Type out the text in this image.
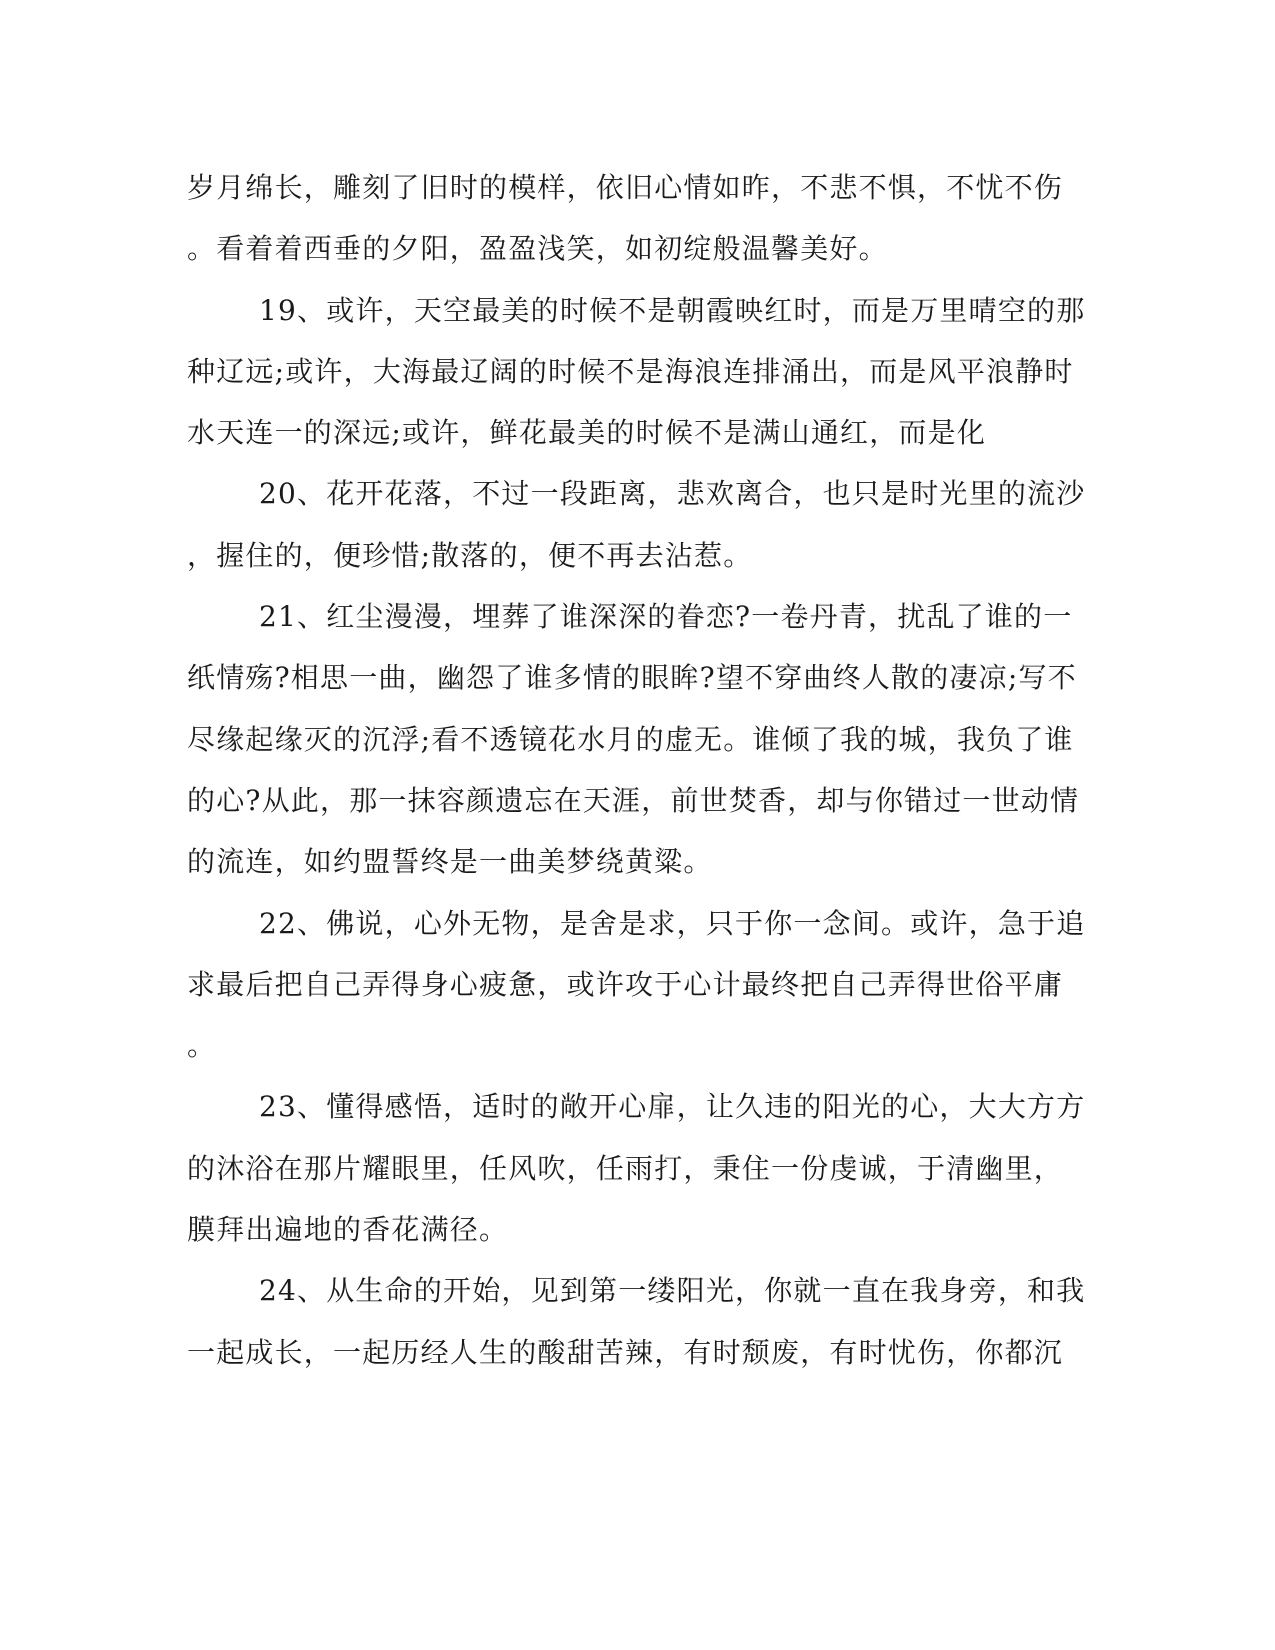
岁月绵长，雕刻了旧时的模样，依旧心情如昨，不悲不惧，不忧不伤
。看着着西垂的夕阳，盈盈浅笑，如初绽般温馨美好。
19、或许，天空最美的时候不是朝霞映红时，而是万里晴空的那
种辽远;或许，大海最辽阔的时候不是海浪连排涌出，而是风平浪静时
水天连一的深远;或许，鲜花最美的时候不是满山通红，而是化
20、花开花落，不过一段距离，悲欢离合，也只是时光里的流沙
，握住的，便珍惜;散落的，便不再去沾惹。
21、红尘漫漫，埋葬了谁深深的眷恋?一卷丹青，扰乱了谁的一
纸情殇?相思一曲，幽怨了谁多情的眼眸?望不穿曲终人散的凄凉;写不
尽缘起缘灭的沉浮;看不透镜花水月的虚无。谁倾了我的城，我负了谁
的心?从此，那一抹容颜遗忘在天涯，前世焚香，却与你错过一世动情
的流连，如约盟誓终是一曲美梦绕黄粱。
22、佛说，心外无物，是舍是求，只于你一念间。或许，急于追
求最后把自己弄得身心疲惫，或许攻于心计最终把自己弄得世俗平庸
。
23、懂得感悟，适时的敞开心扉，让久违的阳光的心，大大方方
的沐浴在那片耀眼里，任风吹，任雨打，秉住一份虔诚，于清幽里，
膜拜出遍地的香花满径。
24、从生命的开始，见到第一缕阳光，你就一直在我身旁，和我
一起成长，一起历经人生的酸甜苦辣，有时颓废，有时忧伤，你都沉
